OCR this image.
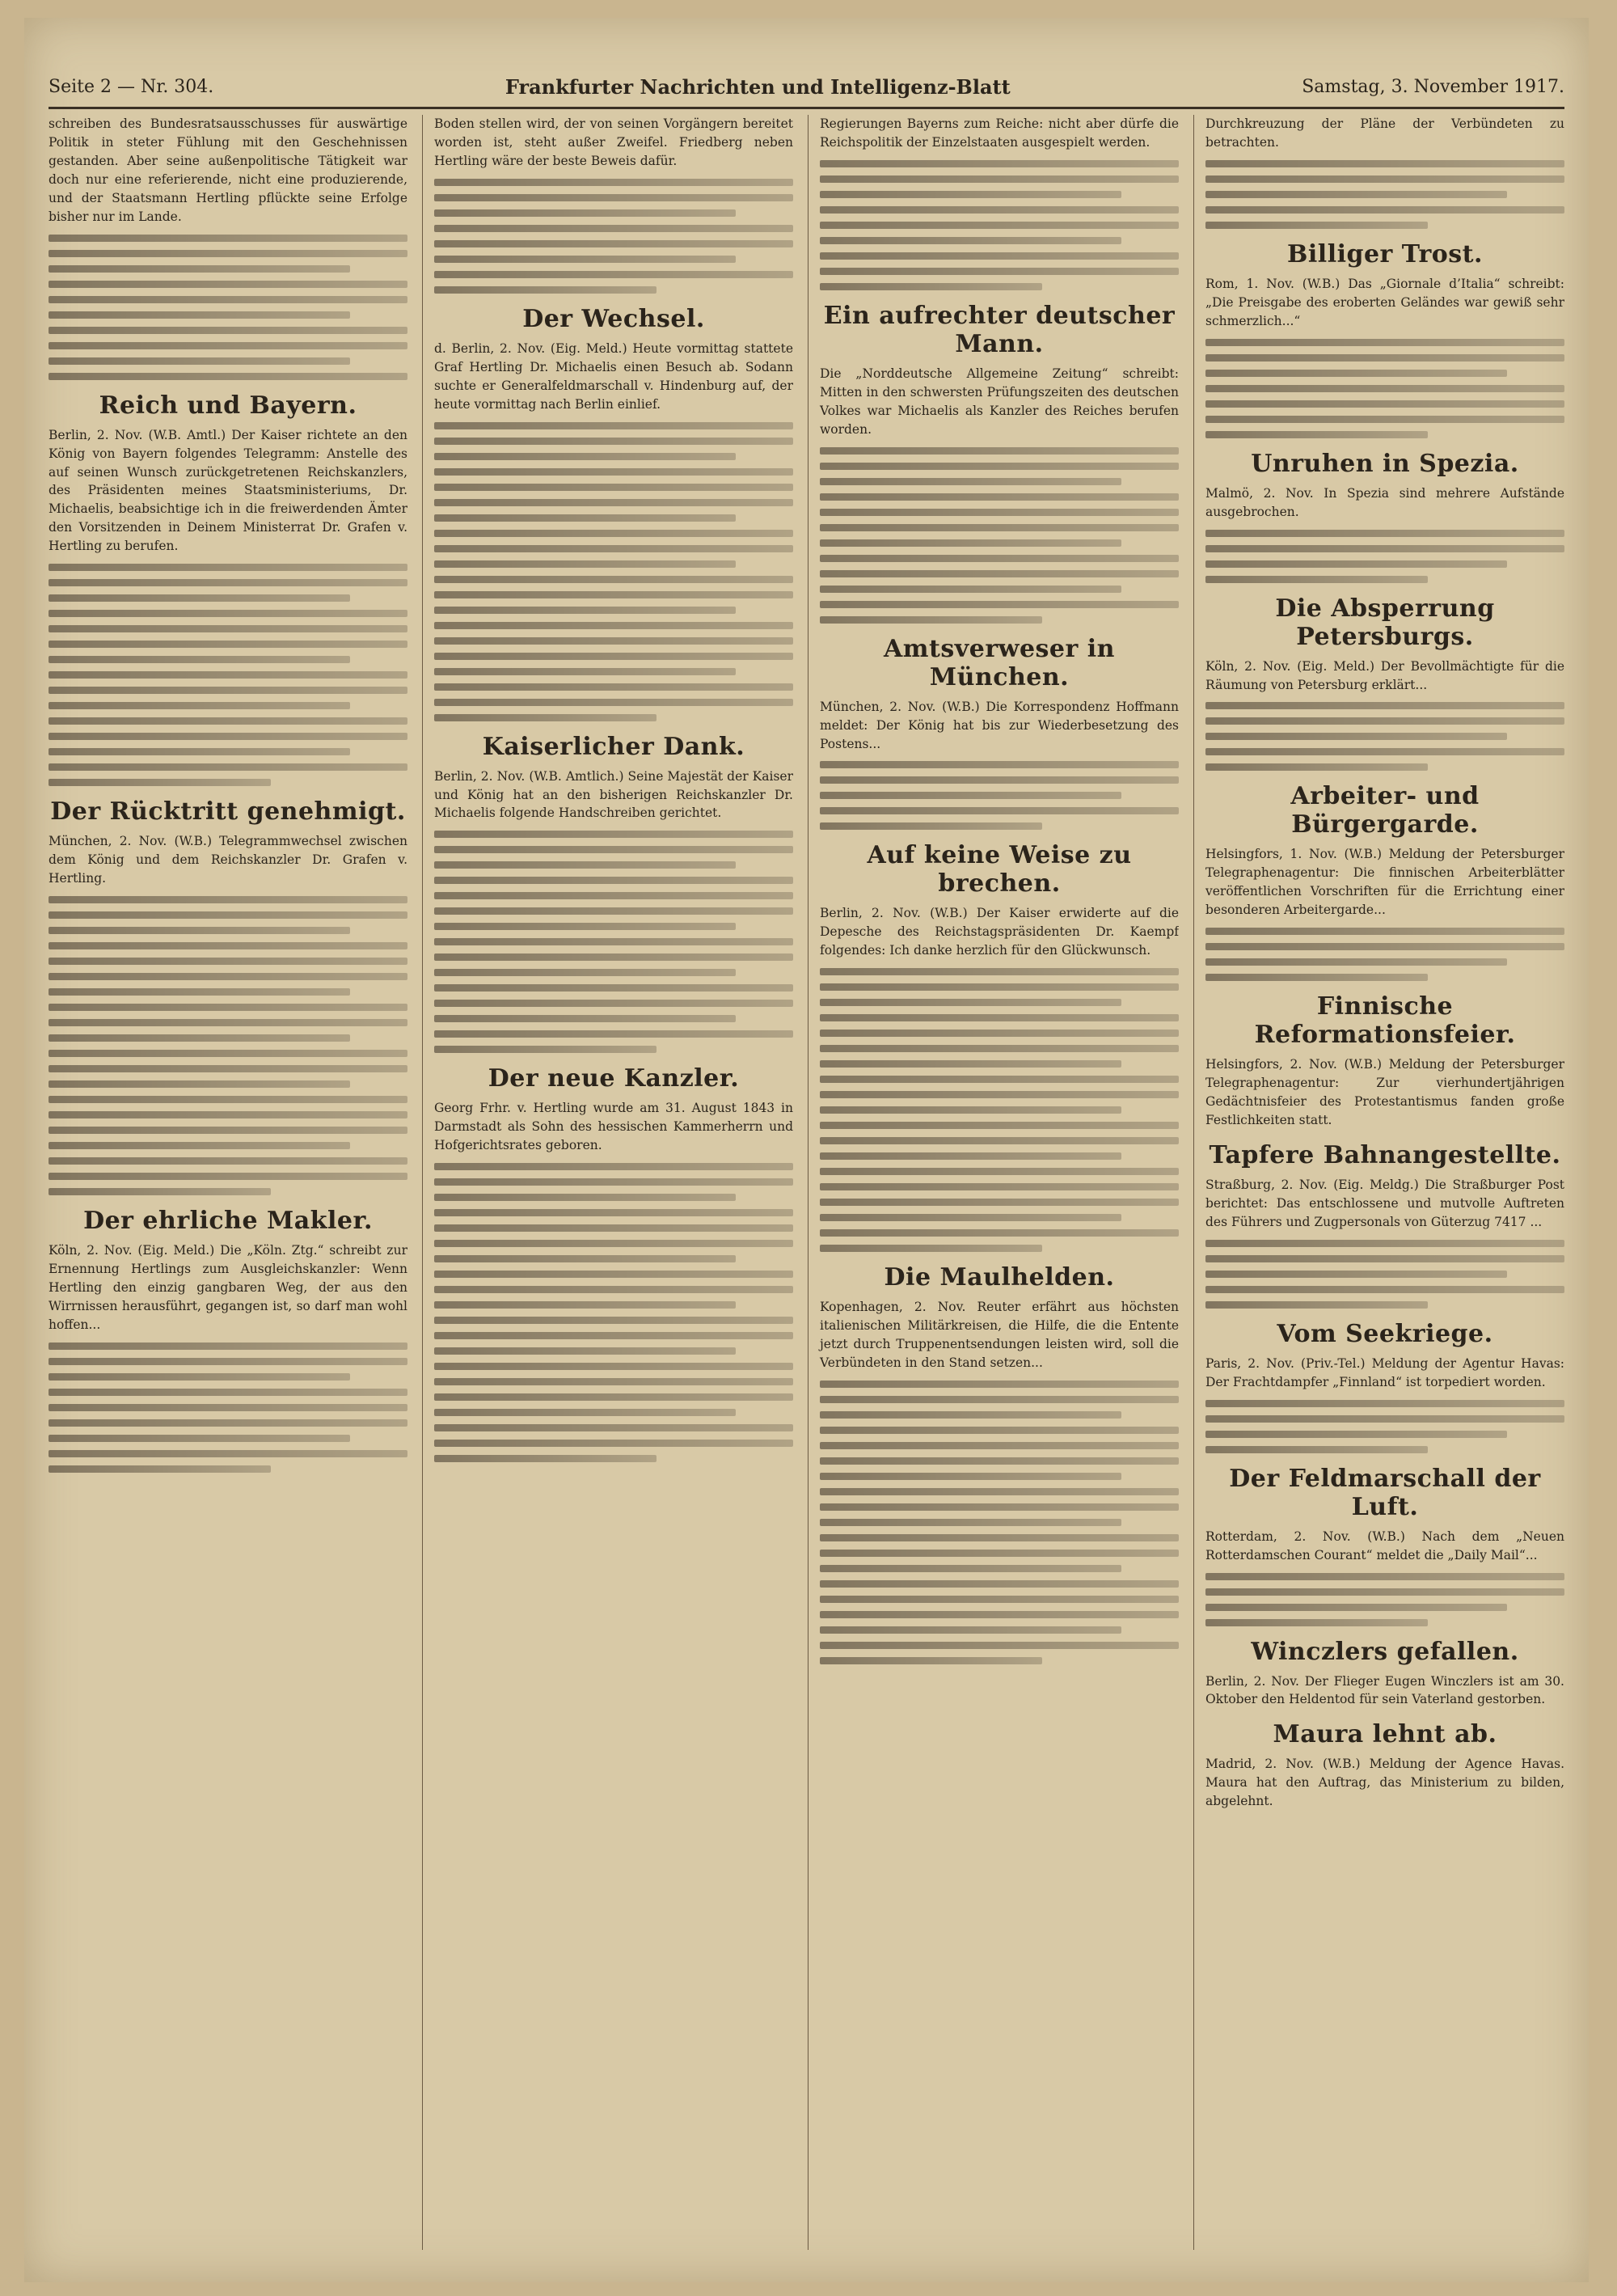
Seite 2 — Nr. 304.	Frankfurter Nachrichten und Intelligenz-Blatt	Samstag, 3. November 1917.
schreiben des Bundesratsausschusses für auswärtige Politik in steter Fühlung mit den Geschehnissen gestanden. Aber seine außenpolitische Tätigkeit war doch nur eine referierende, nicht eine produzierende, und der Staatsmann Hertling pflückte seine Erfolge bisher nur im Lande.
Reich und Bayern.
Berlin, 2. Nov. (W.B. Amtl.) Der Kaiser richtete an den König von Bayern folgendes Telegramm: Anstelle des auf seinen Wunsch zurückgetretenen Reichskanzlers, des Präsidenten meines Staatsministeriums, Dr. Michaelis, beabsichtige ich in die freiwerdenden Ämter den Vorsitzenden in Deinem Ministerrat Dr. Grafen v. Hertling zu berufen.
Der Rücktritt genehmigt.
München, 2. Nov. (W.B.) Telegrammwechsel zwischen dem König und dem Reichskanzler Dr. Grafen v. Hertling.
Der ehrliche Makler.
Köln, 2. Nov. (Eig. Meld.) Die „Köln. Ztg.“ schreibt zur Ernennung Hertlings zum Ausgleichskanzler: Wenn Hertling den einzig gangbaren Weg, der aus den Wirrnissen herausführt, gegangen ist, so darf man wohl hoffen...
Boden stellen wird, der von seinen Vorgängern bereitet worden ist, steht außer Zweifel. Friedberg neben Hertling wäre der beste Beweis dafür.
Der Wechsel.
d. Berlin, 2. Nov. (Eig. Meld.) Heute vormittag stattete Graf Hertling Dr. Michaelis einen Besuch ab. Sodann suchte er Generalfeldmarschall v. Hindenburg auf, der heute vormittag nach Berlin einlief.
Kaiserlicher Dank.
Berlin, 2. Nov. (W.B. Amtlich.) Seine Majestät der Kaiser und König hat an den bisherigen Reichskanzler Dr. Michaelis folgende Handschreiben gerichtet.
Der neue Kanzler.
Georg Frhr. v. Hertling wurde am 31. August 1843 in Darmstadt als Sohn des hessischen Kammerherrn und Hofgerichtsrates geboren.
Regierungen Bayerns zum Reiche: nicht aber dürfe die Reichspolitik der Einzelstaaten ausgespielt werden.
Ein aufrechter deutscher Mann.
Die „Norddeutsche Allgemeine Zeitung“ schreibt: Mitten in den schwersten Prüfungszeiten des deutschen Volkes war Michaelis als Kanzler des Reiches berufen worden.
Amtsverweser in München.
München, 2. Nov. (W.B.) Die Korrespondenz Hoffmann meldet: Der König hat bis zur Wiederbesetzung des Postens...
Auf keine Weise zu brechen.
Berlin, 2. Nov. (W.B.) Der Kaiser erwiderte auf die Depesche des Reichstagspräsidenten Dr. Kaempf folgendes: Ich danke herzlich für den Glückwunsch.
Die Maulhelden.
Kopenhagen, 2. Nov. Reuter erfährt aus höchsten italienischen Militärkreisen, die Hilfe, die die Entente jetzt durch Truppenentsendungen leisten wird, soll die Verbündeten in den Stand setzen...
Durchkreuzung der Pläne der Verbündeten zu betrachten.
Billiger Trost.
Rom, 1. Nov. (W.B.) Das „Giornale d’Italia“ schreibt: „Die Preisgabe des eroberten Geländes war gewiß sehr schmerzlich...“
Unruhen in Spezia.
Malmö, 2. Nov. In Spezia sind mehrere Aufstände ausgebrochen.
Die Absperrung Petersburgs.
Köln, 2. Nov. (Eig. Meld.) Der Bevollmächtigte für die Räumung von Petersburg erklärt...
Arbeiter- und Bürgergarde.
Helsingfors, 1. Nov. (W.B.) Meldung der Petersburger Telegraphenagentur: Die finnischen Arbeiterblätter veröffentlichen Vorschriften für die Errichtung einer besonderen Arbeitergarde...
Finnische Reformationsfeier.
Helsingfors, 2. Nov. (W.B.) Meldung der Petersburger Telegraphenagentur: Zur vierhundertjährigen Gedächtnisfeier des Protestantismus fanden große Festlichkeiten statt.
Tapfere Bahnangestellte.
Straßburg, 2. Nov. (Eig. Meldg.) Die Straßburger Post berichtet: Das entschlossene und mutvolle Auftreten des Führers und Zugpersonals von Güterzug 7417 ...
Vom Seekriege.
Paris, 2. Nov. (Priv.-Tel.) Meldung der Agentur Havas: Der Frachtdampfer „Finnland“ ist torpediert worden.
Der Feldmarschall der Luft.
Rotterdam, 2. Nov. (W.B.) Nach dem „Neuen Rotterdamschen Courant“ meldet die „Daily Mail“...
Winczlers gefallen.
Berlin, 2. Nov. Der Flieger Eugen Winczlers ist am 30. Oktober den Heldentod für sein Vaterland gestorben.
Maura lehnt ab.
Madrid, 2. Nov. (W.B.) Meldung der Agence Havas. Maura hat den Auftrag, das Ministerium zu bilden, abgelehnt.
